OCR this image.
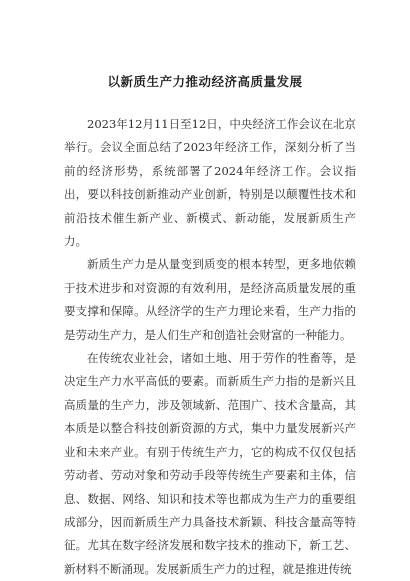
以新质生产力推动经济高质量发展

2023年12月11日至12日，中央经济工作会议在北京举行。会议全面总结了2023年经济工作，深刻分析了当前的经济形势，系统部署了2024年经济工作。会议指出，要以科技创新推动产业创新，特别是以颠覆性技术和前沿技术催生新产业、新模式、新动能，发展新质生产力。

新质生产力是从量变到质变的根本转型，更多地依赖于技术进步和对资源的有效利用，是经济高质量发展的重要支撑和保障。从经济学的生产力理论来看，生产力指的是劳动生产力，是人们生产和创造社会财富的一种能力。

在传统农业社会，诸如土地、用于劳作的牲畜等，是决定生产力水平高低的要素。而新质生产力指的是新兴且高质量的生产力，涉及领域新、范围广、技术含量高，其本质是以整合科技创新资源的方式，集中力量发展新兴产业和未来产业。有别于传统生产力，它的构成不仅仅包括劳动者、劳动对象和劳动手段等传统生产要素和主体，信息、数据、网络、知识和技术等也都成为生产力的重要组成部分，因而新质生产力具备技术新颖、科技含量高等特征。尤其在数字经济发展和数字技术的推动下，新工艺、新材料不断涌现。发展新质生产力的过程，就是推进传统
